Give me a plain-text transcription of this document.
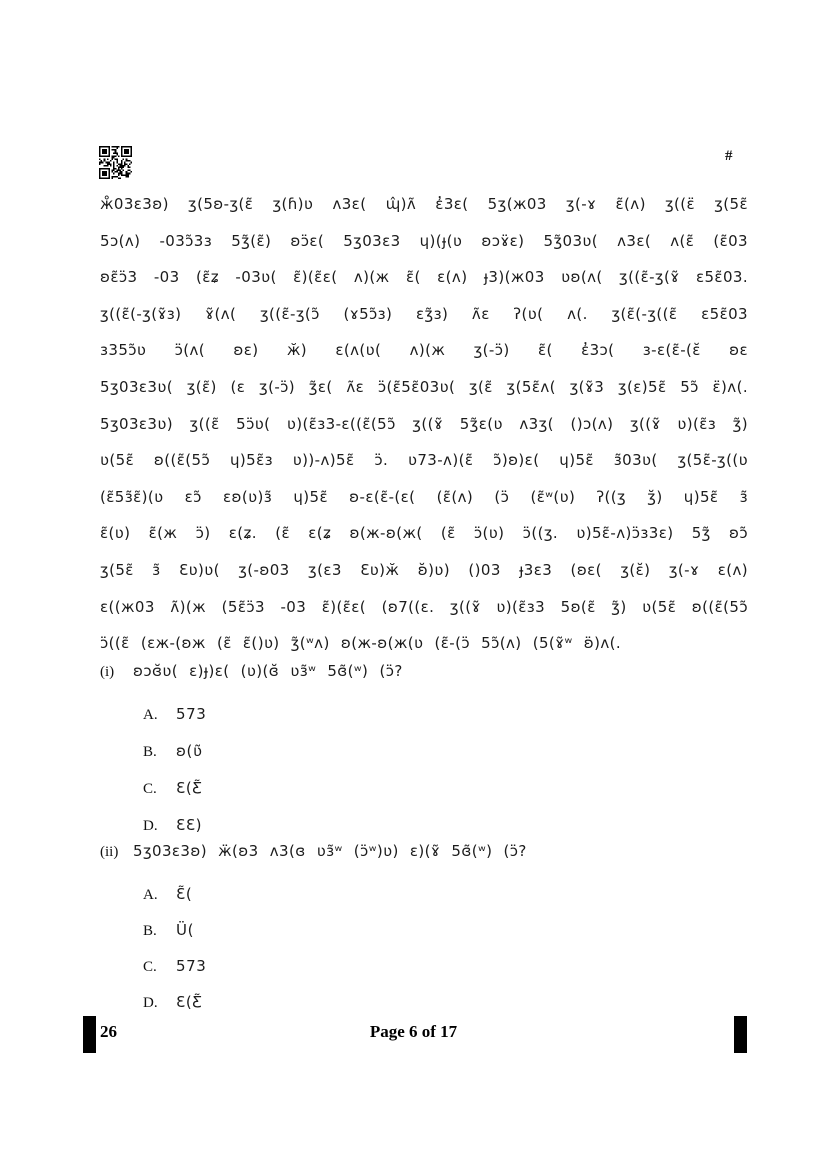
#
ж̊03ɛ3ʚ) ʒ(5ʚ-ʒ(ɛ̃ ʒ(ɦ)ʋ ʌ3ɛ( ɰ̂)ʌ̃ ɛ̓3ɛ( 5ʒ(ж03 ʒ(-ɤ ɛ̃(ʌ) ʒ((ɛ̈ ʒ(5ɛ̃
5ɔ(ʌ) -03ɔ̃3з 5ʒ̃(ɛ̃) ʚɔ̈ɛ( 5ʒ03ɛ3 ɥ)(ɟ(ʋ ʚɔɤ̈ɛ) 5ʒ̃03ʋ( ʌ3ɛ( ʌ(ɛ̃ (ɛ̃03
ʚɛ̃ɔ̈3 -03 (ɛ̃ʑ -03ʋ( ɛ̃)(ɛ̃ɛ( ʌ)(ж ɛ̃( ɛ(ʌ) ɟ3)(ж03 ʋʚ(ʌ( ʒ((ɛ̃-ʒ(ɤ̃ ɛ5ɛ̃03.
ʒ((ɛ̃(-ʒ(ɤ̃з) ɤ̃(ʌ( ʒ((ɛ̃-ʒ(ɔ̃ (ɤ5ɔ̃з) ɛʒ̃з) ʌ̃ɛ ʔ(ʋ( ʌ(. ʒ(ɛ̃(-ʒ((ɛ̃ ɛ5ɛ̃03
з35ɔ̃ʋ ɔ̈(ʌ( ʚɛ) ӂ) ɛ(ʌ(ʋ( ʌ)(ж ʒ(-ɔ̈) ɛ̃( ɛ̓3ɔ( з-ɛ(ɛ̃-(ɛ̆ ʚɛ
5ʒ03ɛ3ʋ( ʒ(ɛ̃) (ɛ ʒ(-ɔ̈) ʒ̃ɛ( ʌ̃ɛ ɔ̈(ɛ̃5ɛ̃03ʋ( ʒ(ɛ̃ ʒ(5ɛ̃ʌ( ʒ(ɤ̃3 ʒ(ɛ)5ɛ̃ 5ɔ̃ ɛ̈)ʌ(.
5ʒ03ɛ3ʋ) ʒ((ɛ̃ 5ɔ̈ʋ( ʋ)(ɛ̃з3-ɛ((ɛ̃(5ɔ̃ ʒ((ɤ̃ 5ʒ̃ɛ(ʋ ʌ3ʒ( ()ɔ(ʌ) ʒ((ɤ̃ ʋ)(ɛ̃з ʒ̃)
ʋ(5ɛ̃ ʚ((ɛ̃(5ɔ̃ ɥ)5ɛ̃з ʋ))-ʌ)5ɛ̃ ɔ̈. ʋ73-ʌ)(ɛ̃ ɔ̃)ʚ)ɛ( ɥ)5ɛ̃ з̃03ʋ( ʒ(5ɛ̃-ʒ((ʋ
(ɛ̃5з̃ɛ̃)(ʋ ɛɔ̃ ɛʚ(ʋ)з̃ ɥ)5ɛ̃ ʚ-ɛ(ɛ̃-(ɛ( (ɛ̃(ʌ) (ɔ̈ (ɛ̃ʷ(ʋ) ʔ((ʒ ʒ̆) ɥ)5ɛ̃ з̃
ɛ̃(ʋ) ɛ̃(ж ɔ̈) ɛ(ʑ. (ɛ̃ ɛ(ʑ ʚ(ж-ʚ(ж( (ɛ̃ ɔ̈(ʋ) ɔ̈((ʒ. ʋ)5ɛ̃-ʌ)ɔ̈з3ɛ) 5ʒ̃ ʚɔ̃
ʒ(5ɛ̃ з̃ Ɛʋ)ʋ( ʒ(-ʚ03 ʒ(ɛ3 Ɛʋ)ӂ ʚ̆)ʋ) ()03 ɟ3ɛ3 (ʚɛ( ʒ(ɛ̆) ʒ(-ɤ ɛ(ʌ)
ɛ((ж03 ʌ̃)(ж (5ɛ̃ɔ̈3 -03 ɛ̃)(ɛ̃ɛ( (ʚ7((ɛ. ʒ((ɤ̃ ʋ)(ɛ̃з3 5ʚ(ɛ̃ ʒ̃) ʋ(5ɛ̃ ʚ((ɛ̃(5ɔ̃
ɔ̈((ɛ̃ (ɛж-(ʚж (ɛ̃ ɛ̃()ʋ) ʒ̃(ʷʌ) ʚ(ж-ʚ(ж(ʋ (ɛ̃-(ɔ̈ 5ɔ̃(ʌ) (5(ɤ̃ʷ ʚ̈)ʌ(.
(i)	ʚɔɞ̆ʋ( ɛ)ɟ)ɛ( (ʋ)(ɞ̆ ʋз̃ʷ 5ɞ̃(ʷ) (ɔ̈?
A.	573
B.	ʚ(ʋ̃
C.	Ɛ(Ƹ̃
D.	ƐƐ)
(ii) 5ʒ03ɛ3ʚ) ӝ(ʚ3 ʌ3(ɞ ʋз̃ʷ (ɔ̈ʷ)ʋ) ɛ)(ɤ̃ 5ɞ̃(ʷ) (ɔ̈?
A.	Ɛ̃(
B.	Ü(
C.	573
D.	Ɛ(Ƹ̃
26	Page 6 of 17
